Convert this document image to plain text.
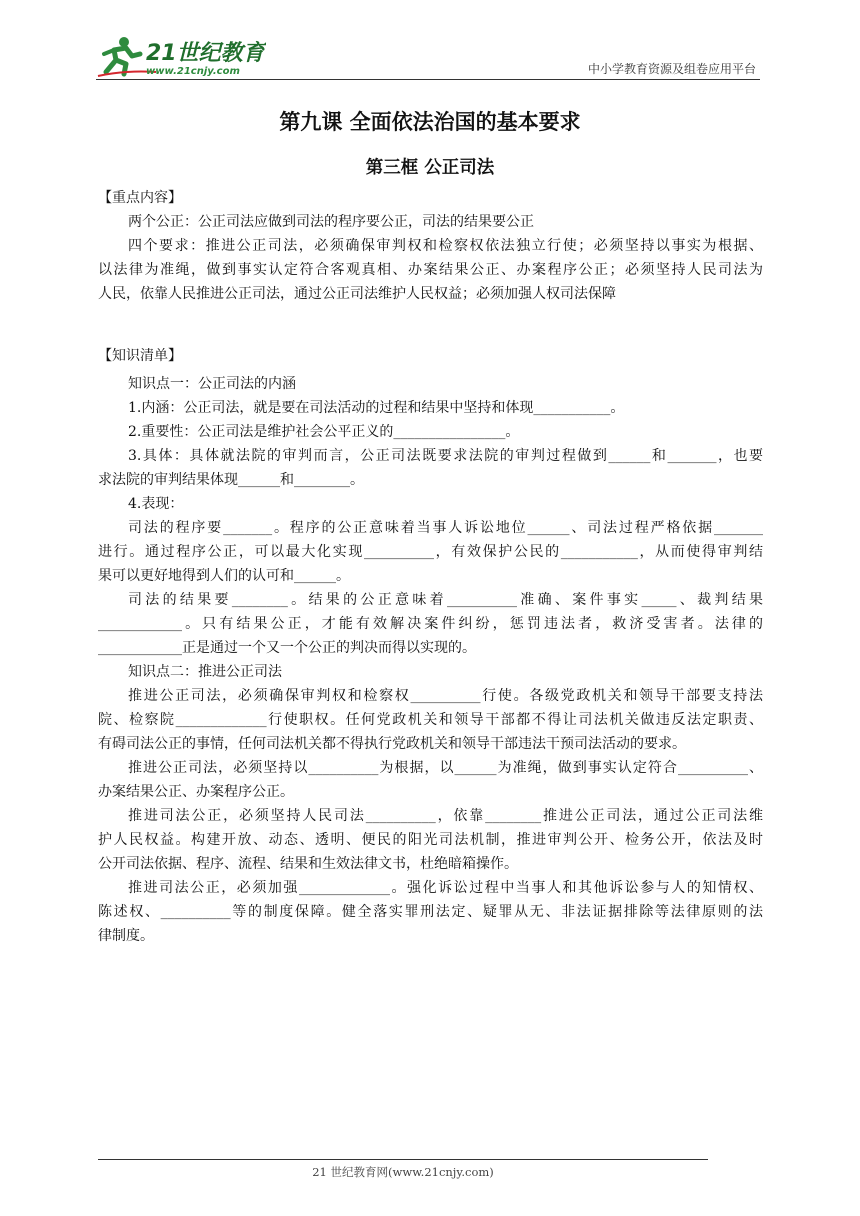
21世纪教育
www.21cnjy.com	中小学教育资源及组卷应用平台
第九课 全面依法治国的基本要求
第三框 公正司法
【重点内容】

两个公正：公正司法应做到司法的程序要公正，司法的结果要公正

四个要求：推进公正司法，必须确保审判权和检察权依法独立行使；必须坚持以事实为根据、

以法律为准绳，做到事实认定符合客观真相、办案结果公正、办案程序公正；必须坚持人民司法为

人民，依靠人民推进公正司法，通过公正司法维护人民权益；必须加强人权司法保障

【知识清单】

知识点一：公正司法的内涵

1.内涵：公正司法，就是要在司法活动的过程和结果中坚持和体现___________。

2.重要性：公正司法是维护社会公平正义的________________。

3.具体：具体就法院的审判而言，公正司法既要求法院的审判过程做到______和_______，也要

求法院的审判结果体现______和________。

4.表现：

司法的程序要_______。程序的公正意味着当事人诉讼地位______、司法过程严格依据_______

进行。通过程序公正，可以最大化实现__________，有效保护公民的___________，从而使得审判结

果可以更好地得到人们的认可和______。

司法的结果要________。结果的公正意味着__________准确、案件事实_____、裁判结果

____________。只有结果公正，才能有效解决案件纠纷，惩罚违法者，救济受害者。法律的

____________正是通过一个又一个公正的判决而得以实现的。

知识点二：推进公正司法

推进公正司法，必须确保审判权和检察权__________行使。各级党政机关和领导干部要支持法

院、检察院_____________行使职权。任何党政机关和领导干部都不得让司法机关做违反法定职责、

有碍司法公正的事情，任何司法机关都不得执行党政机关和领导干部违法干预司法活动的要求。

推进公正司法，必须坚持以__________为根据，以______为准绳，做到事实认定符合__________、

办案结果公正、办案程序公正。

推进司法公正，必须坚持人民司法__________，依靠________推进公正司法，通过公正司法维

护人民权益。构建开放、动态、透明、便民的阳光司法机制，推进审判公开、检务公开，依法及时

公开司法依据、程序、流程、结果和生效法律文书，杜绝暗箱操作。

推进司法公正，必须加强_____________。强化诉讼过程中当事人和其他诉讼参与人的知情权、

陈述权、__________等的制度保障。健全落实罪刑法定、疑罪从无、非法证据排除等法律原则的法

律制度。

21 世纪教育网(www.21cnjy.com)
